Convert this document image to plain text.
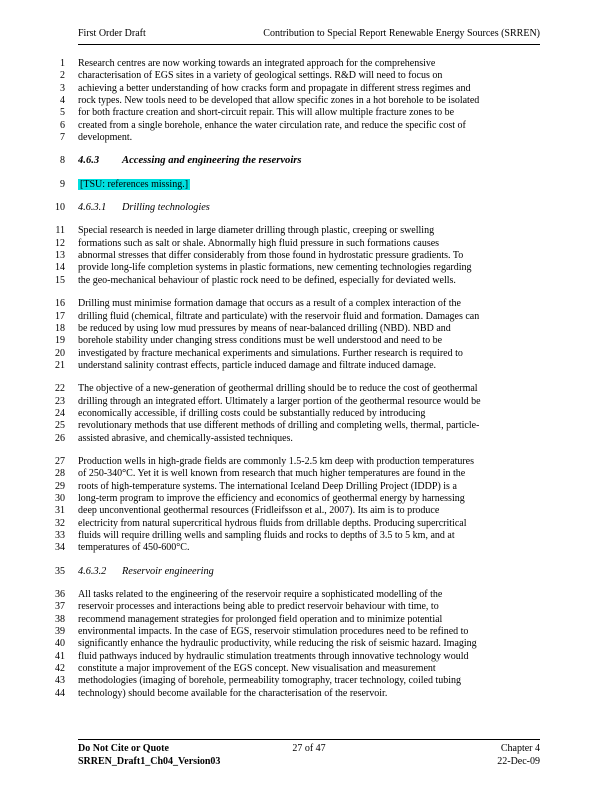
First Order Draft	Contribution to Special Report Renewable Energy Sources (SRREN)
1 Research centres are now working towards an integrated approach for the comprehensive
2 characterisation of EGS sites in a variety of geological settings. R&D will need to focus on
3 achieving a better understanding of how cracks form and propagate in different stress regimes and
4 rock types. New tools need to be developed that allow specific zones in a hot borehole to be isolated
5 for both fracture creation and short-circuit repair. This will allow multiple fracture zones to be
6 created from a single borehole, enhance the water circulation rate, and reduce the specific cost of
7 development.
8 4.6.3 Accessing and engineering the reservoirs
9 [TSU: references missing.]
10 4.6.3.1 Drilling technologies
11 Special research is needed in large diameter drilling through plastic, creeping or swelling
12 formations such as salt or shale. Abnormally high fluid pressure in such formations causes
13 abnormal stresses that differ considerably from those found in hydrostatic pressure gradients. To
14 provide long-life completion systems in plastic formations, new cementing technologies regarding
15 the geo-mechanical behaviour of plastic rock need to be defined, especially for deviated wells.
16 Drilling must minimise formation damage that occurs as a result of a complex interaction of the
17 drilling fluid (chemical, filtrate and particulate) with the reservoir fluid and formation. Damages can
18 be reduced by using low mud pressures by means of near-balanced drilling (NBD). NBD and
19 borehole stability under changing stress conditions must be well understood and need to be
20 investigated by fracture mechanical experiments and simulations. Further research is required to
21 understand salinity contrast effects, particle induced damage and filtrate induced damage.
22 The objective of a new-generation of geothermal drilling should be to reduce the cost of geothermal
23 drilling through an integrated effort. Ultimately a larger portion of the geothermal resource would be
24 economically accessible, if drilling costs could be substantially reduced by introducing
25 revolutionary methods that use different methods of drilling and completing wells, thermal, particle-
26 assisted abrasive, and chemically-assisted techniques.
27 Production wells in high-grade fields are commonly 1.5-2.5 km deep with production temperatures
28 of 250-340°C. Yet it is well known from research that much higher temperatures are found in the
29 roots of high-temperature systems. The international Iceland Deep Drilling Project (IDDP) is a
30 long-term program to improve the efficiency and economics of geothermal energy by harnessing
31 deep unconventional geothermal resources (Fridleifsson et al., 2007). Its aim is to produce
32 electricity from natural supercritical hydrous fluids from drillable depths. Producing supercritical
33 fluids will require drilling wells and sampling fluids and rocks to depths of 3.5 to 5 km, and at
34 temperatures of 450-600°C.
35 4.6.3.2 Reservoir engineering
36 All tasks related to the engineering of the reservoir require a sophisticated modelling of the
37 reservoir processes and interactions being able to predict reservoir behaviour with time, to
38 recommend management strategies for prolonged field operation and to minimize potential
39 environmental impacts. In the case of EGS, reservoir stimulation procedures need to be refined to
40 significantly enhance the hydraulic productivity, while reducing the risk of seismic hazard. Imaging
41 fluid pathways induced by hydraulic stimulation treatments through innovative technology would
42 constitute a major improvement of the EGS concept. New visualisation and measurement
43 methodologies (imaging of borehole, permeability tomography, tracer technology, coiled tubing
44 technology) should become available for the characterisation of the reservoir.
Do Not Cite or Quote	27 of 47	Chapter 4
SRREN_Draft1_Ch04_Version03	22-Dec-09
